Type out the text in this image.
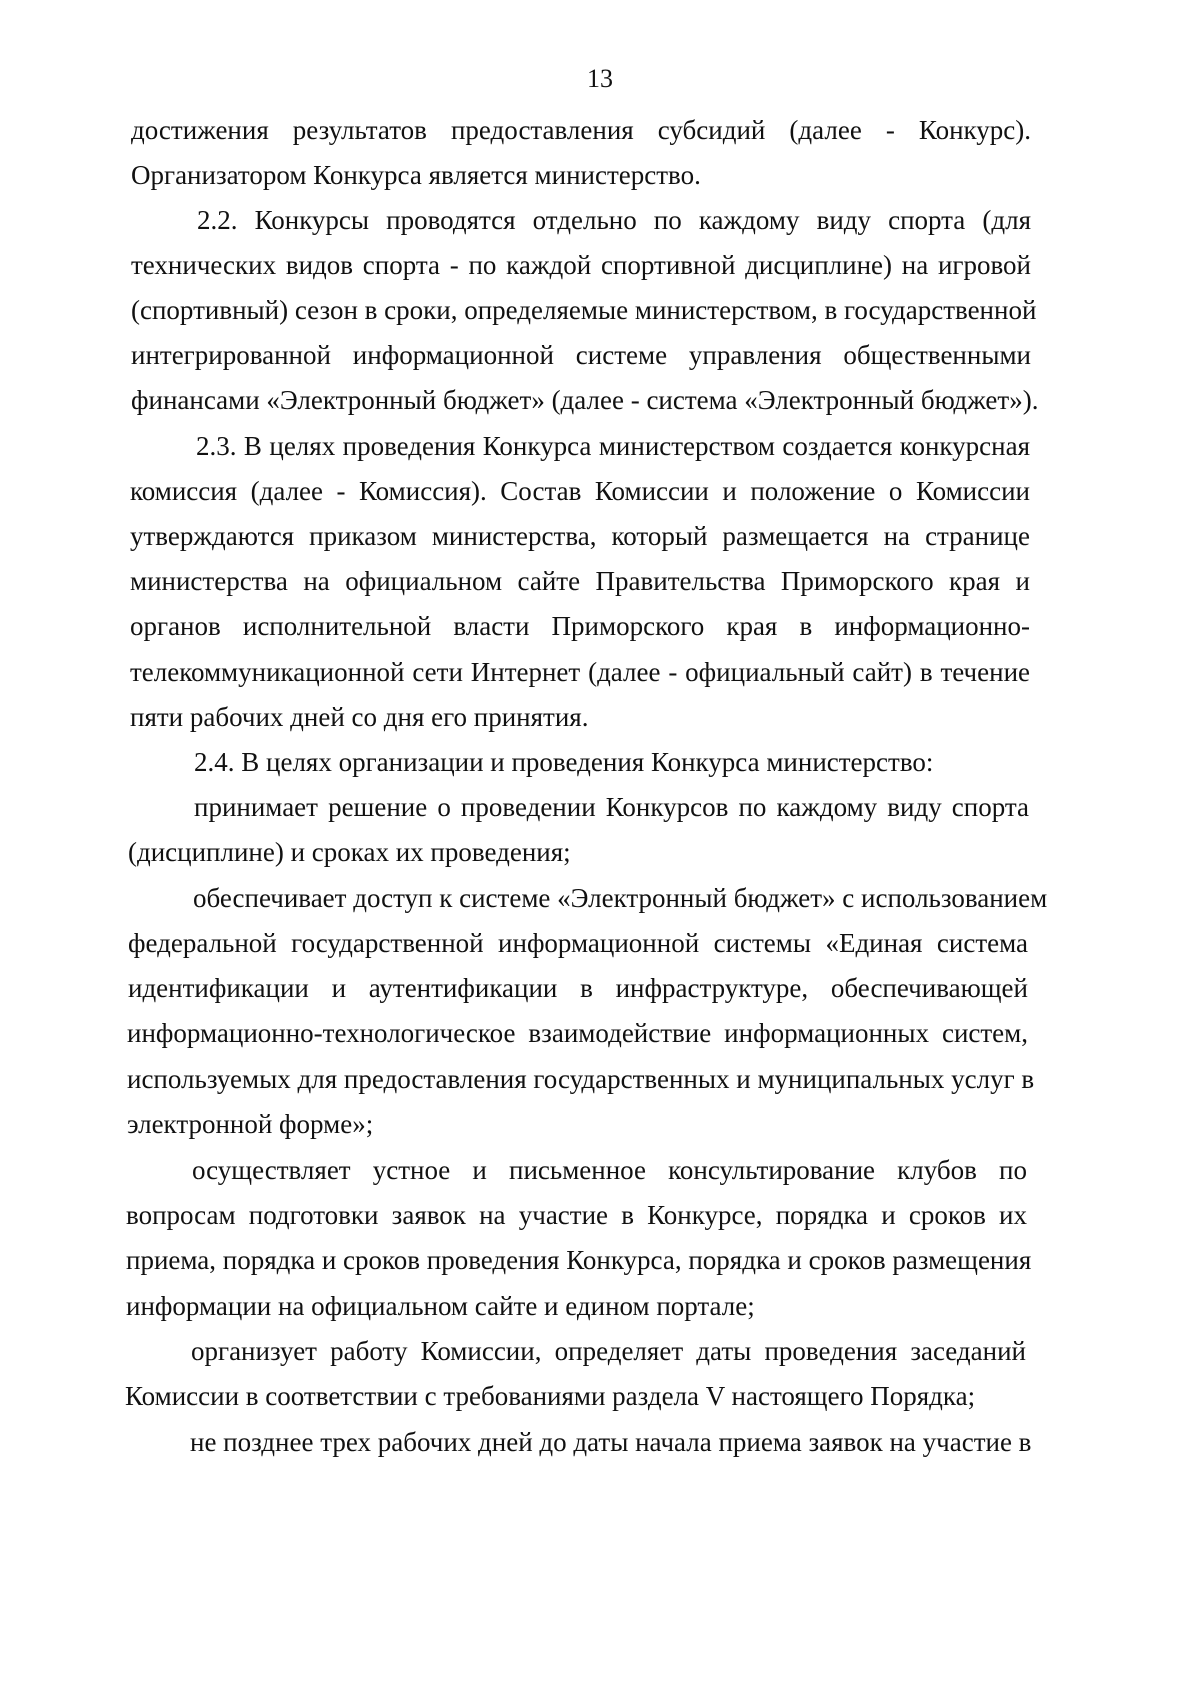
13
достижения результатов предоставления субсидий (далее - Конкурс).
Организатором Конкурса является министерство.
2.2. Конкурсы проводятся отдельно по каждому виду спорта (для
технических видов спорта - по каждой спортивной дисциплине) на игровой
(спортивный) сезон в сроки, определяемые министерством, в государственной
интегрированной информационной системе управления общественными
финансами «Электронный бюджет» (далее - система «Электронный бюджет»).
2.3. В целях проведения Конкурса министерством создается конкурсная
комиссия (далее - Комиссия). Состав Комиссии и положение о Комиссии
утверждаются приказом министерства, который размещается на странице
министерства на официальном сайте Правительства Приморского края и
органов исполнительной власти Приморского края в информационно-
телекоммуникационной сети Интернет (далее - официальный сайт) в течение
пяти рабочих дней со дня его принятия.
2.4. В целях организации и проведения Конкурса министерство:
принимает решение о проведении Конкурсов по каждому виду спорта
(дисциплине) и сроках их проведения;
обеспечивает доступ к системе «Электронный бюджет» с использованием
федеральной государственной информационной системы «Единая система
идентификации и аутентификации в инфраструктуре, обеспечивающей
информационно-технологическое взаимодействие информационных систем,
используемых для предоставления государственных и муниципальных услуг в
электронной форме»;
осуществляет устное и письменное консультирование клубов по
вопросам подготовки заявок на участие в Конкурсе, порядка и сроков их
приема, порядка и сроков проведения Конкурса, порядка и сроков размещения
информации на официальном сайте и едином портале;
организует работу Комиссии, определяет даты проведения заседаний
Комиссии в соответствии с требованиями раздела V настоящего Порядка;
не позднее трех рабочих дней до даты начала приема заявок на участие в
